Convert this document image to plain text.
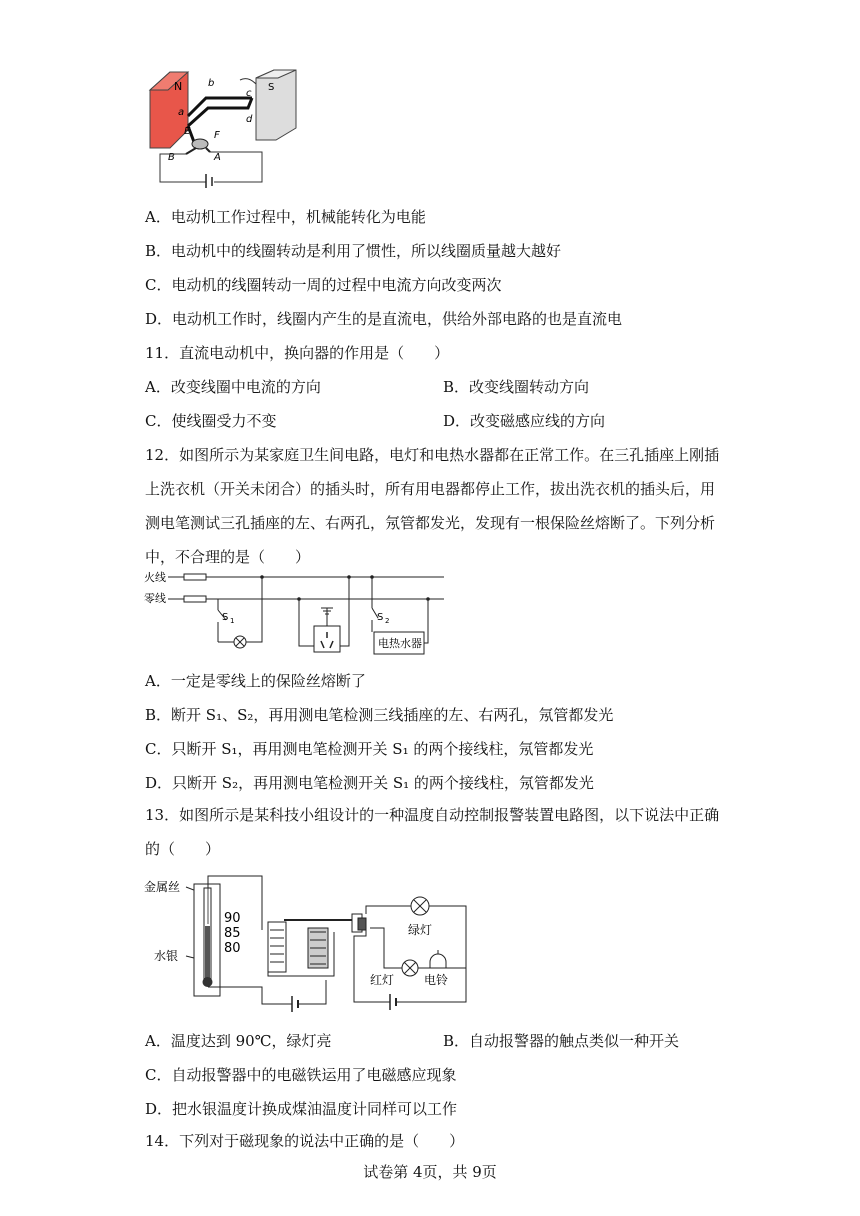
N	S
b
a
d
c
E F
B	A
A．电动机工作过程中，机械能转化为电能
B．电动机中的线圈转动是利用了惯性，所以线圈质量越大越好
C．电动机的线圈转动一周的过程中电流方向改变两次
D．电动机工作时，线圈内产生的是直流电，供给外部电路的也是直流电
11．直流电动机中，换向器的作用是（　　）
A．改变线圈中电流的方向	B．改变线圈转动方向
C．使线圈受力不变	D．改变磁感应线的方向
12．如图所示为某家庭卫生间电路，电灯和电热水器都在正常工作。在三孔插座上刚插
上洗衣机（开关未闭合）的插头时，所有用电器都停止工作，拔出洗衣机的插头后，用
测电笔测试三孔插座的左、右两孔，氖管都发光，发现有一根保险丝熔断了。下列分析
中，不合理的是（　　）
火线
零线
S 1	S 2
电热水器
A．一定是零线上的保险丝熔断了
B．断开 S₁、S₂，再用测电笔检测三线插座的左、右两孔，氖管都发光
C．只断开 S₁，再用测电笔检测开关 S₁ 的两个接线柱，氖管都发光
D．只断开 S₂，再用测电笔检测开关 S₁ 的两个接线柱，氖管都发光
13．如图所示是某科技小组设计的一种温度自动控制报警装置电路图，以下说法中正确
的（　　）
金属丝
水银
90
85
80
绿灯
红灯 电铃
A．温度达到 90℃，绿灯亮	B．自动报警器的触点类似一种开关
C．自动报警器中的电磁铁运用了电磁感应现象
D．把水银温度计换成煤油温度计同样可以工作
14．下列对于磁现象的说法中正确的是（　　）
试卷第 4页，共 9页
